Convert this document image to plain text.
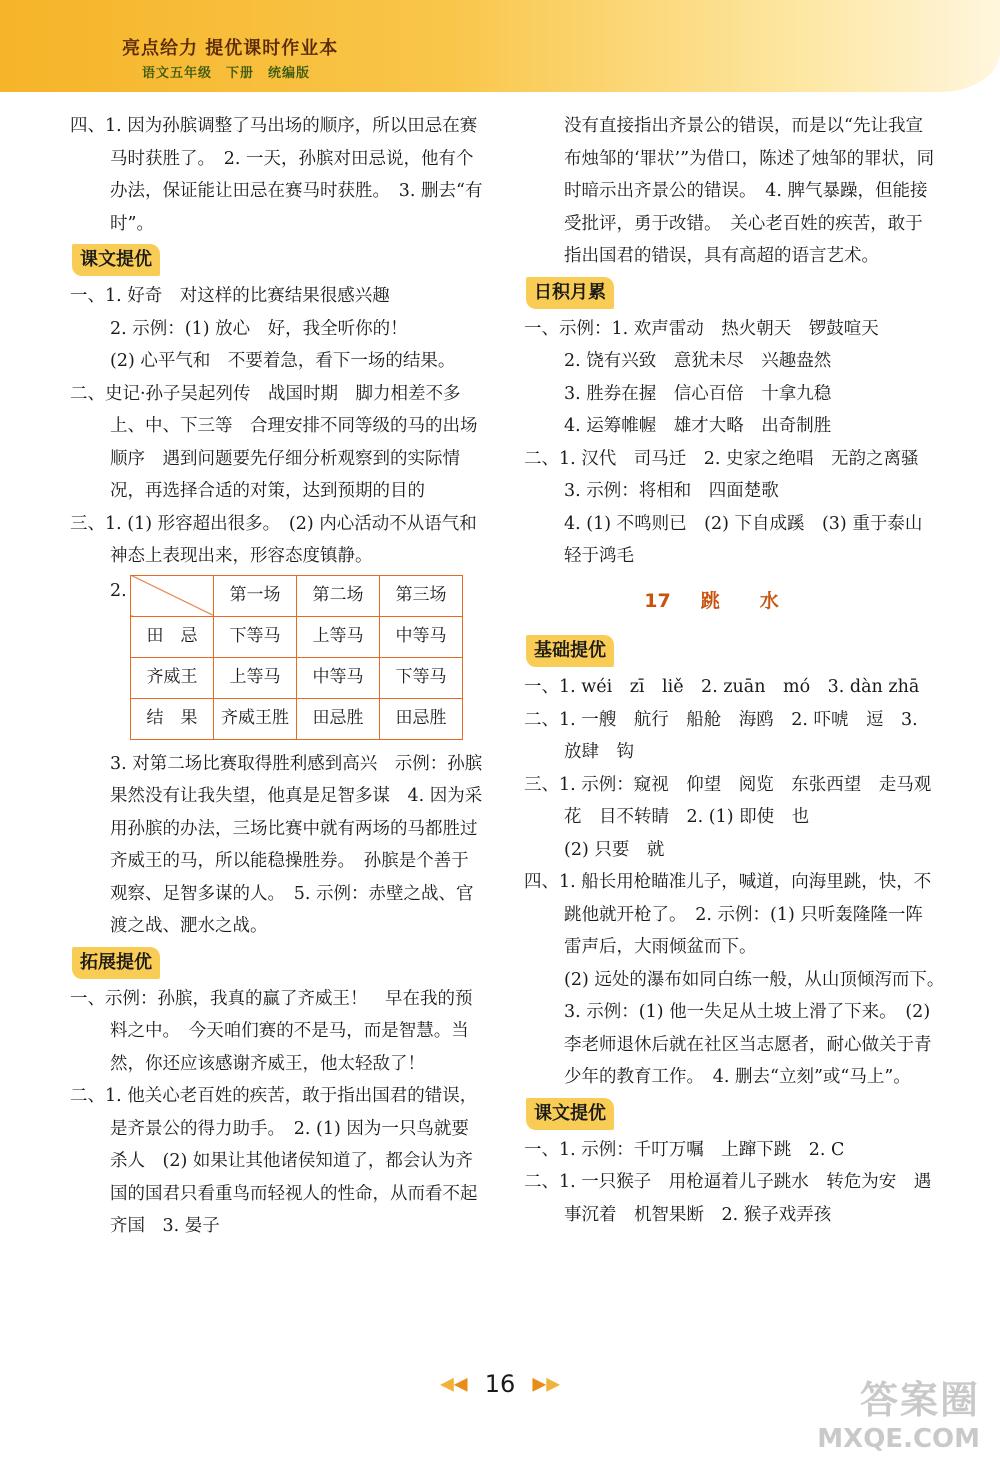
亮点给力 提优课时作业本
语文五年级　下册　统编版

四、1. 因为孙膑调整了马出场的顺序，所以田忌在赛马时获胜了。　2. 一天，孙膑对田忌说，他有个办法，保证能让田忌在赛马时获胜。　3. 删去“有时”。

课文提优

一、1. 好奇　对这样的比赛结果很感兴趣

2. 示例：(1) 放心　好，我全听你的！

(2) 心平气和　不要着急，看下一场的结果。

二、史记·孙子吴起列传　战国时期　脚力相差不多　上、中、下三等　合理安排不同等级的马的出场顺序　遇到问题要先仔细分析观察到的实际情况，再选择合适的对策，达到预期的目的

三、1. (1) 形容超出很多。　(2) 内心活动不从语气和神态上表现出来，形容态度镇静。

2.
		第一场	第二场	第三场
田　忌	下等马	上等马	中等马
齐威王	上等马	中等马	下等马
结　果	齐威王胜	田忌胜	田忌胜

3. 对第二场比赛取得胜利感到高兴　示例：孙膑果然没有让我失望，他真是足智多谋　4. 因为采用孙膑的办法，三场比赛中就有两场的马都胜过齐威王的马，所以能稳操胜券。　孙膑是个善于观察、足智多谋的人。　5. 示例：赤壁之战、官渡之战、淝水之战。

拓展提优

一、示例：孙膑，我真的赢了齐威王！　早在我的预料之中。　今天咱们赛的不是马，而是智慧。当然，你还应该感谢齐威王，他太轻敌了！

二、1. 他关心老百姓的疾苦，敢于指出国君的错误，是齐景公的得力助手。　2. (1) 因为一只鸟就要杀人　(2) 如果让其他诸侯知道了，都会认为齐国的国君只看重鸟而轻视人的性命，从而看不起齐国　3. 晏子

没有直接指出齐景公的错误，而是以“先让我宣布烛邹的‘罪状’”为借口，陈述了烛邹的罪状，同时暗示出齐景公的错误。　4. 脾气暴躁，但能接受批评，勇于改错。　关心老百姓的疾苦，敢于指出国君的错误，具有高超的语言艺术。

日积月累

一、示例：1. 欢声雷动　热火朝天　锣鼓喧天

2. 饶有兴致　意犹未尽　兴趣盎然

3. 胜券在握　信心百倍　十拿九稳

4. 运筹帷幄　雄才大略　出奇制胜

二、1. 汉代　司马迁　2. 史家之绝唱　无韵之离骚　3. 示例：将相和　四面楚歌

4. (1) 不鸣则已　(2) 下自成蹊　(3) 重于泰山　轻于鸿毛

17 跳水
基础提优

一、1. wéi　zī　liě　2. zuān　mó　3. dàn zhā

二、1. 一艘　航行　船舱　海鸥　2. 吓唬　逗　3. 放肆　钩

三、1. 示例：窥视　仰望　阅览　东张西望　走马观花　目不转睛　2. (1) 即使　也

(2) 只要　就

四、1. 船长用枪瞄准儿子，喊道，向海里跳，快，不跳他就开枪了。　2. 示例：(1) 只听轰隆隆一阵雷声后，大雨倾盆而下。

(2) 远处的瀑布如同白练一般，从山顶倾泻而下。　3. 示例：(1) 他一失足从土坡上滑了下来。　(2) 李老师退休后就在社区当志愿者，耐心做关于青少年的教育工作。　4. 删去“立刻”或“马上”。

课文提优

一、1. 示例：千叮万嘱　上蹿下跳　2. C

二、1. 一只猴子　用枪逼着儿子跳水　转危为安　遇事沉着　机智果断　2. 猴子戏弄孩

◀◀ 16 ▶▶	答案圈
MXQE.COM
